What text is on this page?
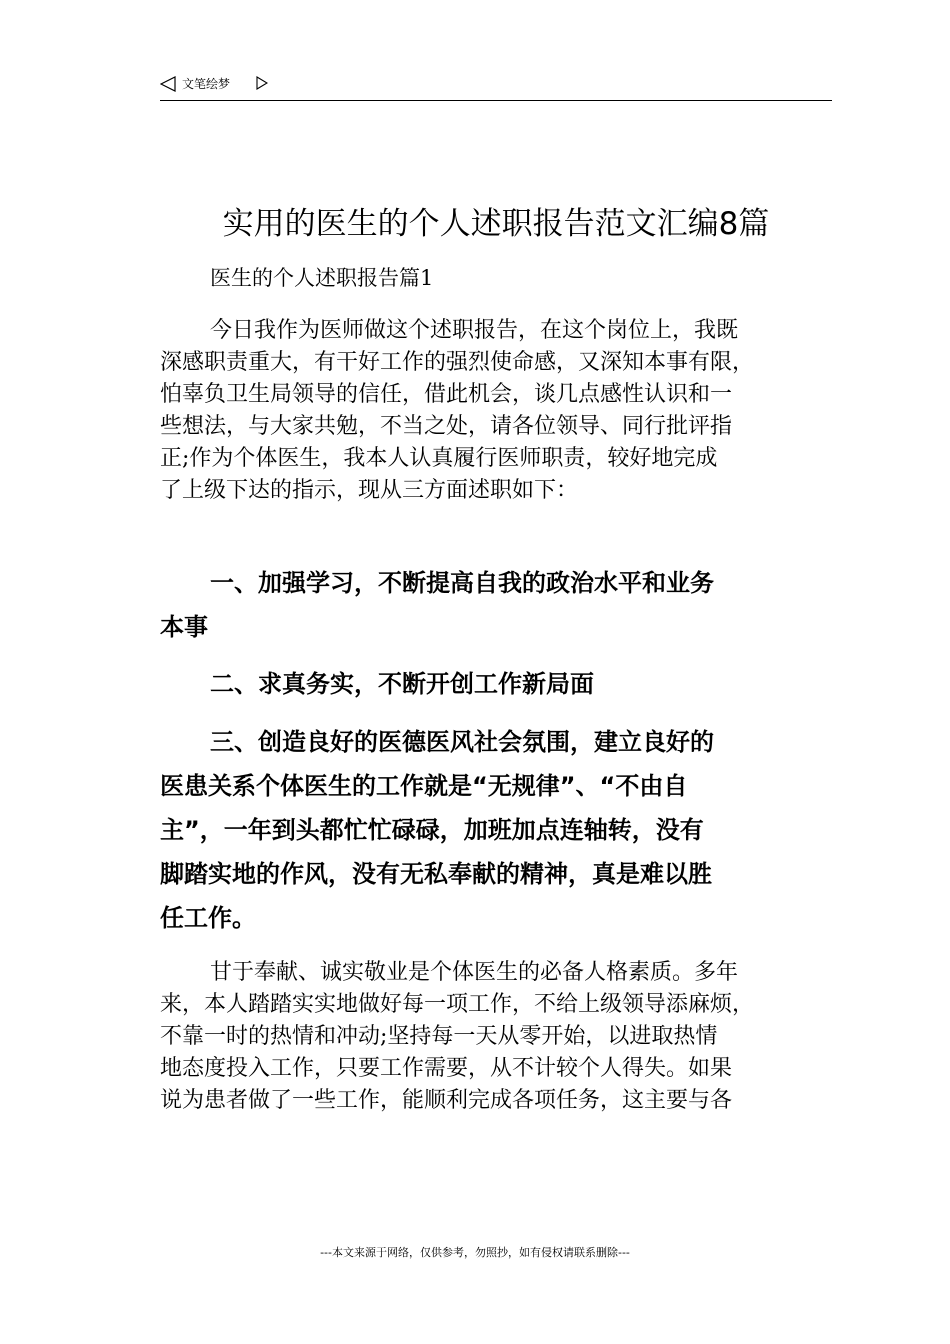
文笔绘梦
实用的医生的个人述职报告范文汇编8篇
医生的个人述职报告篇1
今日我作为医师做这个述职报告，在这个岗位上，我既
深感职责重大，有干好工作的强烈使命感，又深知本事有限，
怕辜负卫生局领导的信任，借此机会，谈几点感性认识和一
些想法，与大家共勉，不当之处，请各位领导、同行批评指
正;作为个体医生，我本人认真履行医师职责，较好地完成
了上级下达的指示，现从三方面述职如下：
一、加强学习，不断提高自我的政治水平和业务
本事
二、求真务实，不断开创工作新局面
三、创造良好的医德医风社会氛围，建立良好的
医患关系个体医生的工作就是“无规律”、“不由自
主”，一年到头都忙忙碌碌，加班加点连轴转，没有
脚踏实地的作风，没有无私奉献的精神，真是难以胜
任工作。
甘于奉献、诚实敬业是个体医生的必备人格素质。多年
来，本人踏踏实实地做好每一项工作，不给上级领导添麻烦，
不靠一时的热情和冲动;坚持每一天从零开始，以进取热情
地态度投入工作，只要工作需要，从不计较个人得失。如果
说为患者做了一些工作，能顺利完成各项任务，这主要与各
---本文来源于网络，仅供参考，勿照抄，如有侵权请联系删除---
